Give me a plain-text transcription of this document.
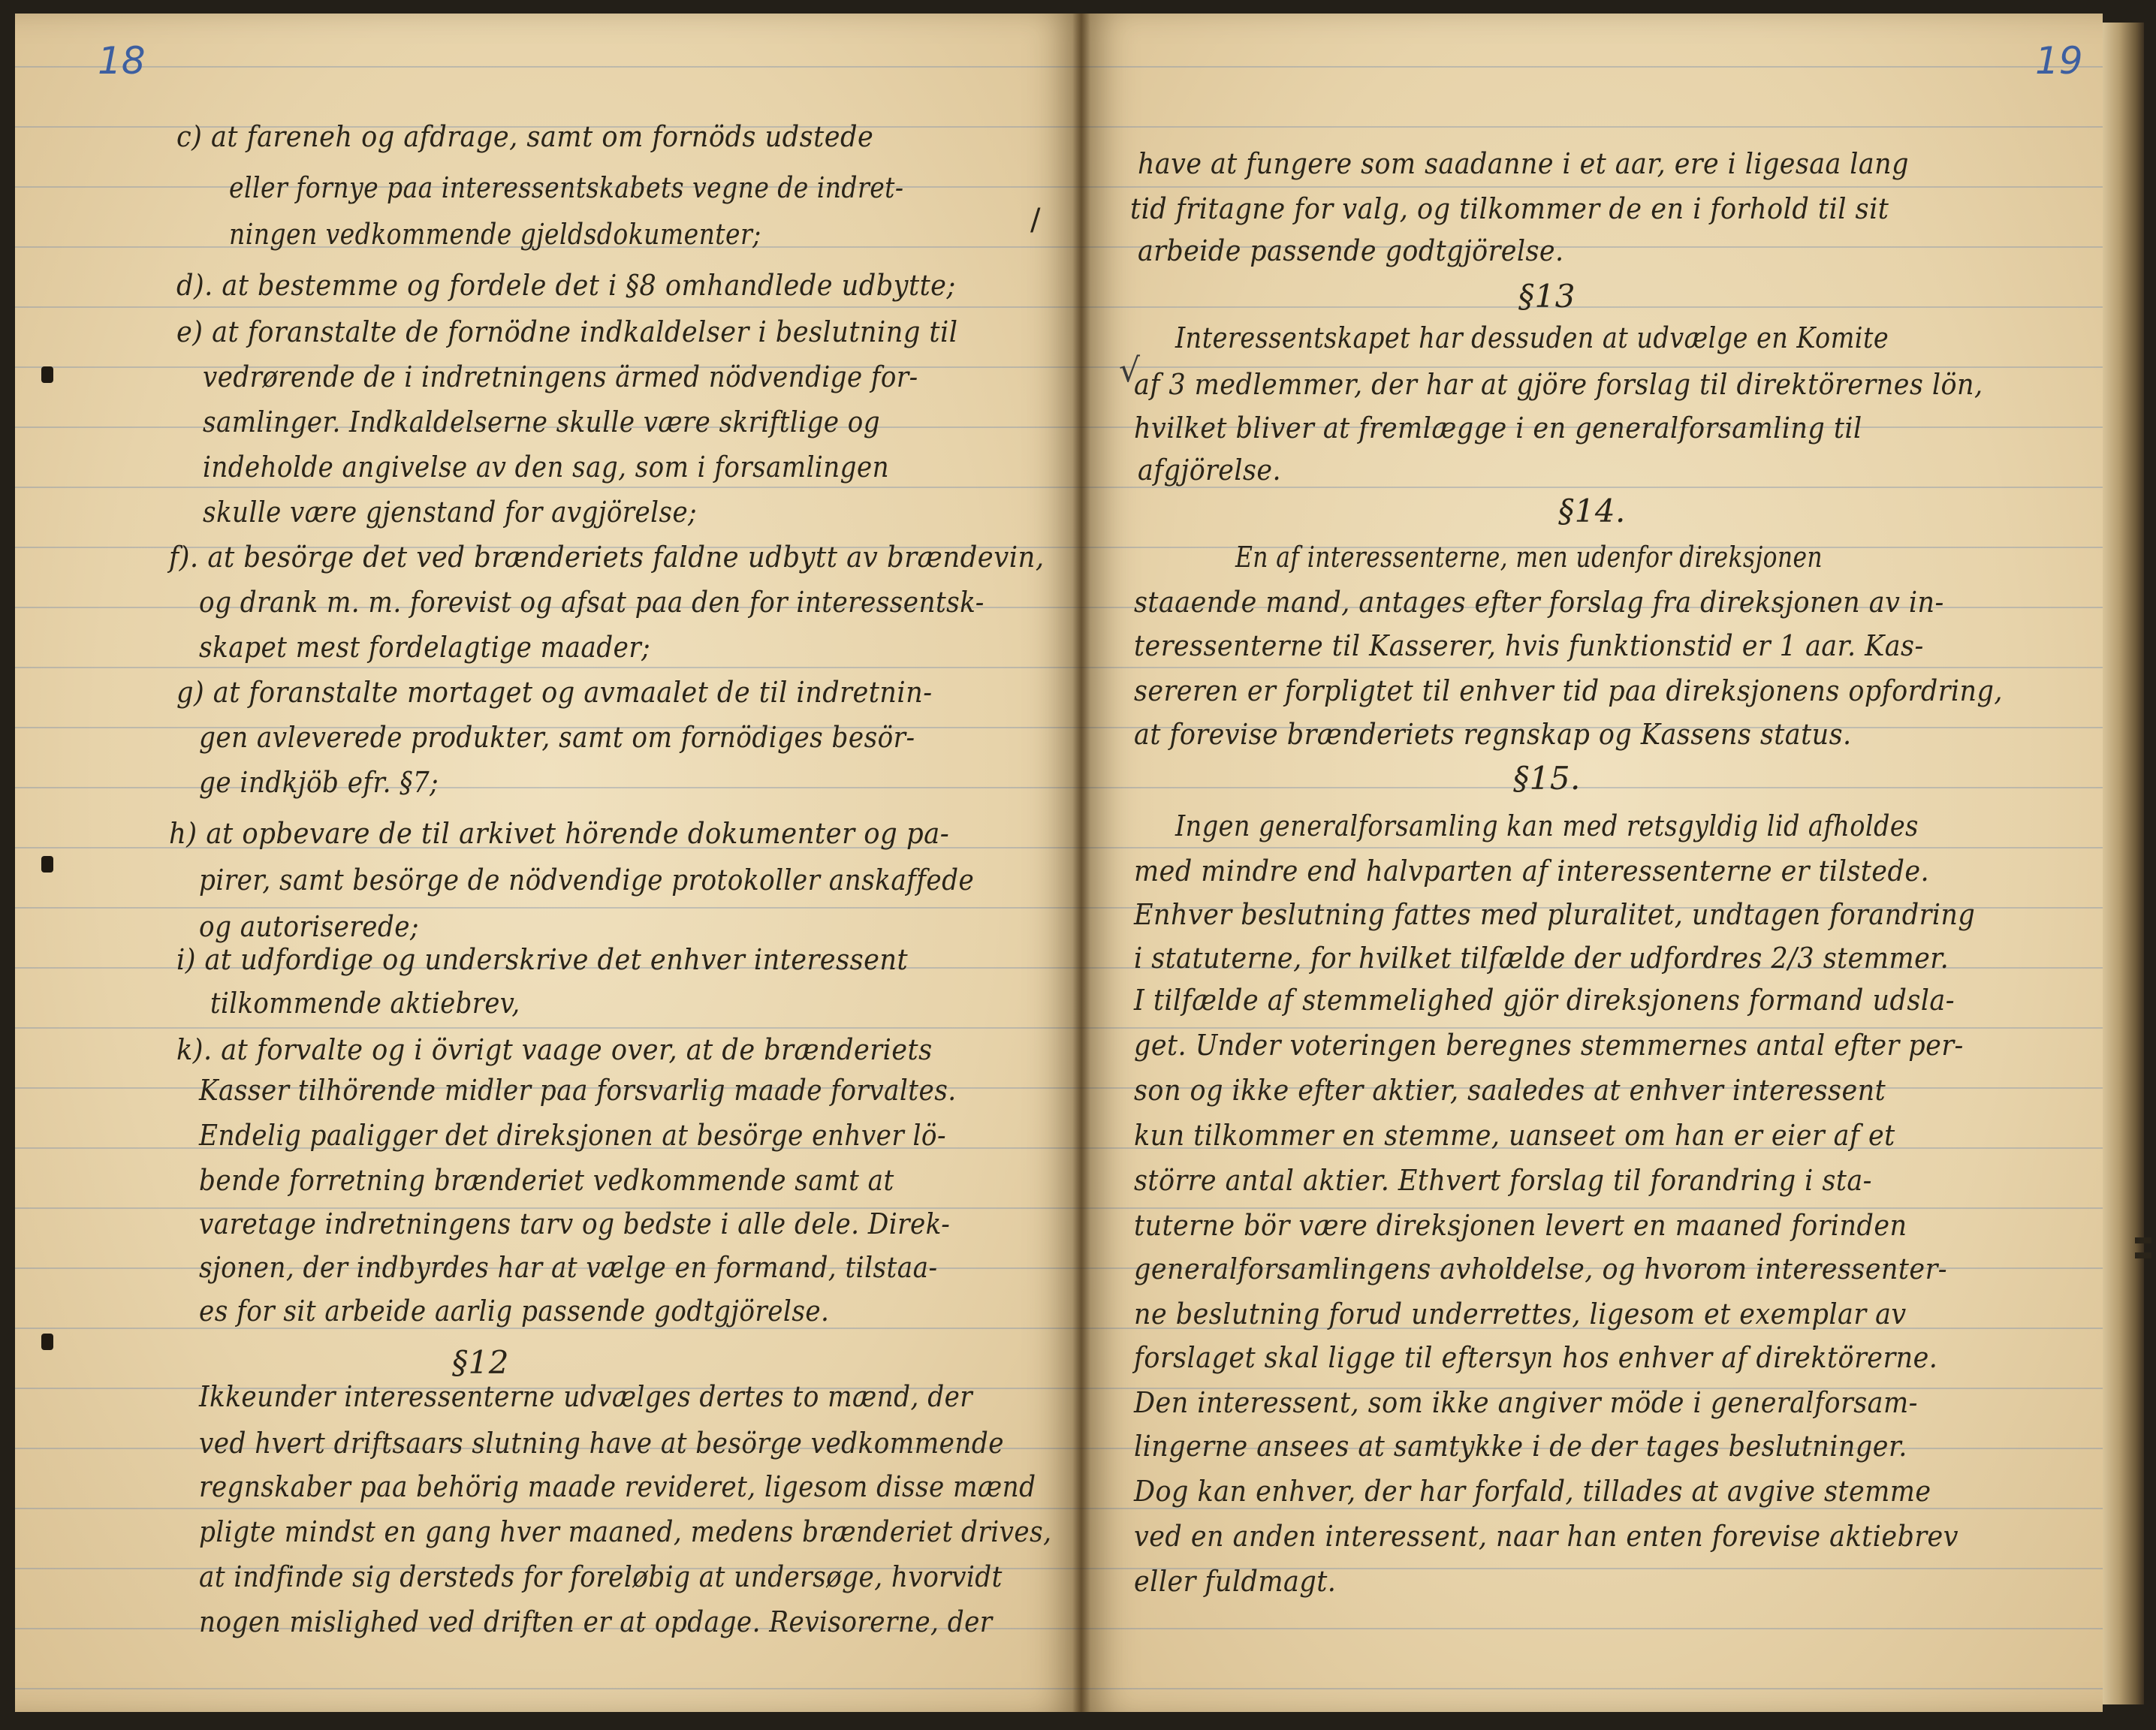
18	19
/
√
c) at fareneh og afdrage, samt om fornöds udstede
eller fornye paa interessentskabets vegne de indret-
ningen vedkommende gjeldsdokumenter;
d). at bestemme og fordele det i §8 omhandlede udbytte;
e) at foranstalte de fornödne indkaldelser i beslutning til
vedrørende de i indretningens ärmed nödvendige for-
samlinger. Indkaldelserne skulle være skriftlige og
indeholde angivelse av den sag, som i forsamlingen
skulle være gjenstand for avgjörelse;
f). at besörge det ved brænderiets faldne udbytt av brændevin,
og drank m. m. forevist og afsat paa den for interessentsk-
skapet mest fordelagtige maader;
g) at foranstalte mortaget og avmaalet de til indretnin-
gen avleverede produkter, samt om fornödiges besör-
ge indkjöb efr. §7;
h) at opbevare de til arkivet hörende dokumenter og pa-
pirer, samt besörge de nödvendige protokoller anskaffede
og autoriserede;
i) at udfordige og underskrive det enhver interessent
tilkommende aktiebrev,
k). at forvalte og i övrigt vaage over, at de brænderiets
Kasser tilhörende midler paa forsvarlig maade forvaltes.
Endelig paaligger det direksjonen at besörge enhver lö-
bende forretning brænderiet vedkommende samt at
varetage indretningens tarv og bedste i alle dele. Direk-
sjonen, der indbyrdes har at vælge en formand, tilstaa-
es for sit arbeide aarlig passende godtgjörelse.
§12
Ikkeunder interessenterne udvælges dertes to mænd, der
ved hvert driftsaars slutning have at besörge vedkommende
regnskaber paa behörig maade revideret, ligesom disse mænd
pligte mindst en gang hver maaned, medens brænderiet drives,
at indfinde sig dersteds for foreløbig at undersøge, hvorvidt
nogen mislighed ved driften er at opdage. Revisorerne, der
have at fungere som saadanne i et aar, ere i ligesaa lang
tid fritagne for valg, og tilkommer de en i forhold til sit
arbeide passende godtgjörelse.
§13
Interessentskapet har dessuden at udvælge en Komite
af 3 medlemmer, der har at gjöre forslag til direktörernes lön,
hvilket bliver at fremlægge i en generalforsamling til
afgjörelse.
§14.
En af interessenterne, men udenfor direksjonen
staaende mand, antages efter forslag fra direksjonen av in-
teressenterne til Kasserer, hvis funktionstid er 1 aar. Kas-
sereren er forpligtet til enhver tid paa direksjonens opfordring,
at forevise brænderiets regnskap og Kassens status.
§15.
Ingen generalforsamling kan med retsgyldig lid afholdes
med mindre end halvparten af interessenterne er tilstede.
Enhver beslutning fattes med pluralitet, undtagen forandring
i statuterne, for hvilket tilfælde der udfordres 2/3 stemmer.
I tilfælde af stemmelighed gjör direksjonens formand udsla-
get. Under voteringen beregnes stemmernes antal efter per-
son og ikke efter aktier, saaledes at enhver interessent
kun tilkommer en stemme, uanseet om han er eier af et
större antal aktier. Ethvert forslag til forandring i sta-
tuterne bör være direksjonen levert en maaned forinden
generalforsamlingens avholdelse, og hvorom interessenter-
ne beslutning forud underrettes, ligesom et exemplar av
forslaget skal ligge til eftersyn hos enhver af direktörerne.
Den interessent, som ikke angiver möde i generalforsam-
lingerne ansees at samtykke i de der tages beslutninger.
Dog kan enhver, der har forfald, tillades at avgive stemme
ved en anden interessent, naar han enten forevise aktiebrev
eller fuldmagt.
